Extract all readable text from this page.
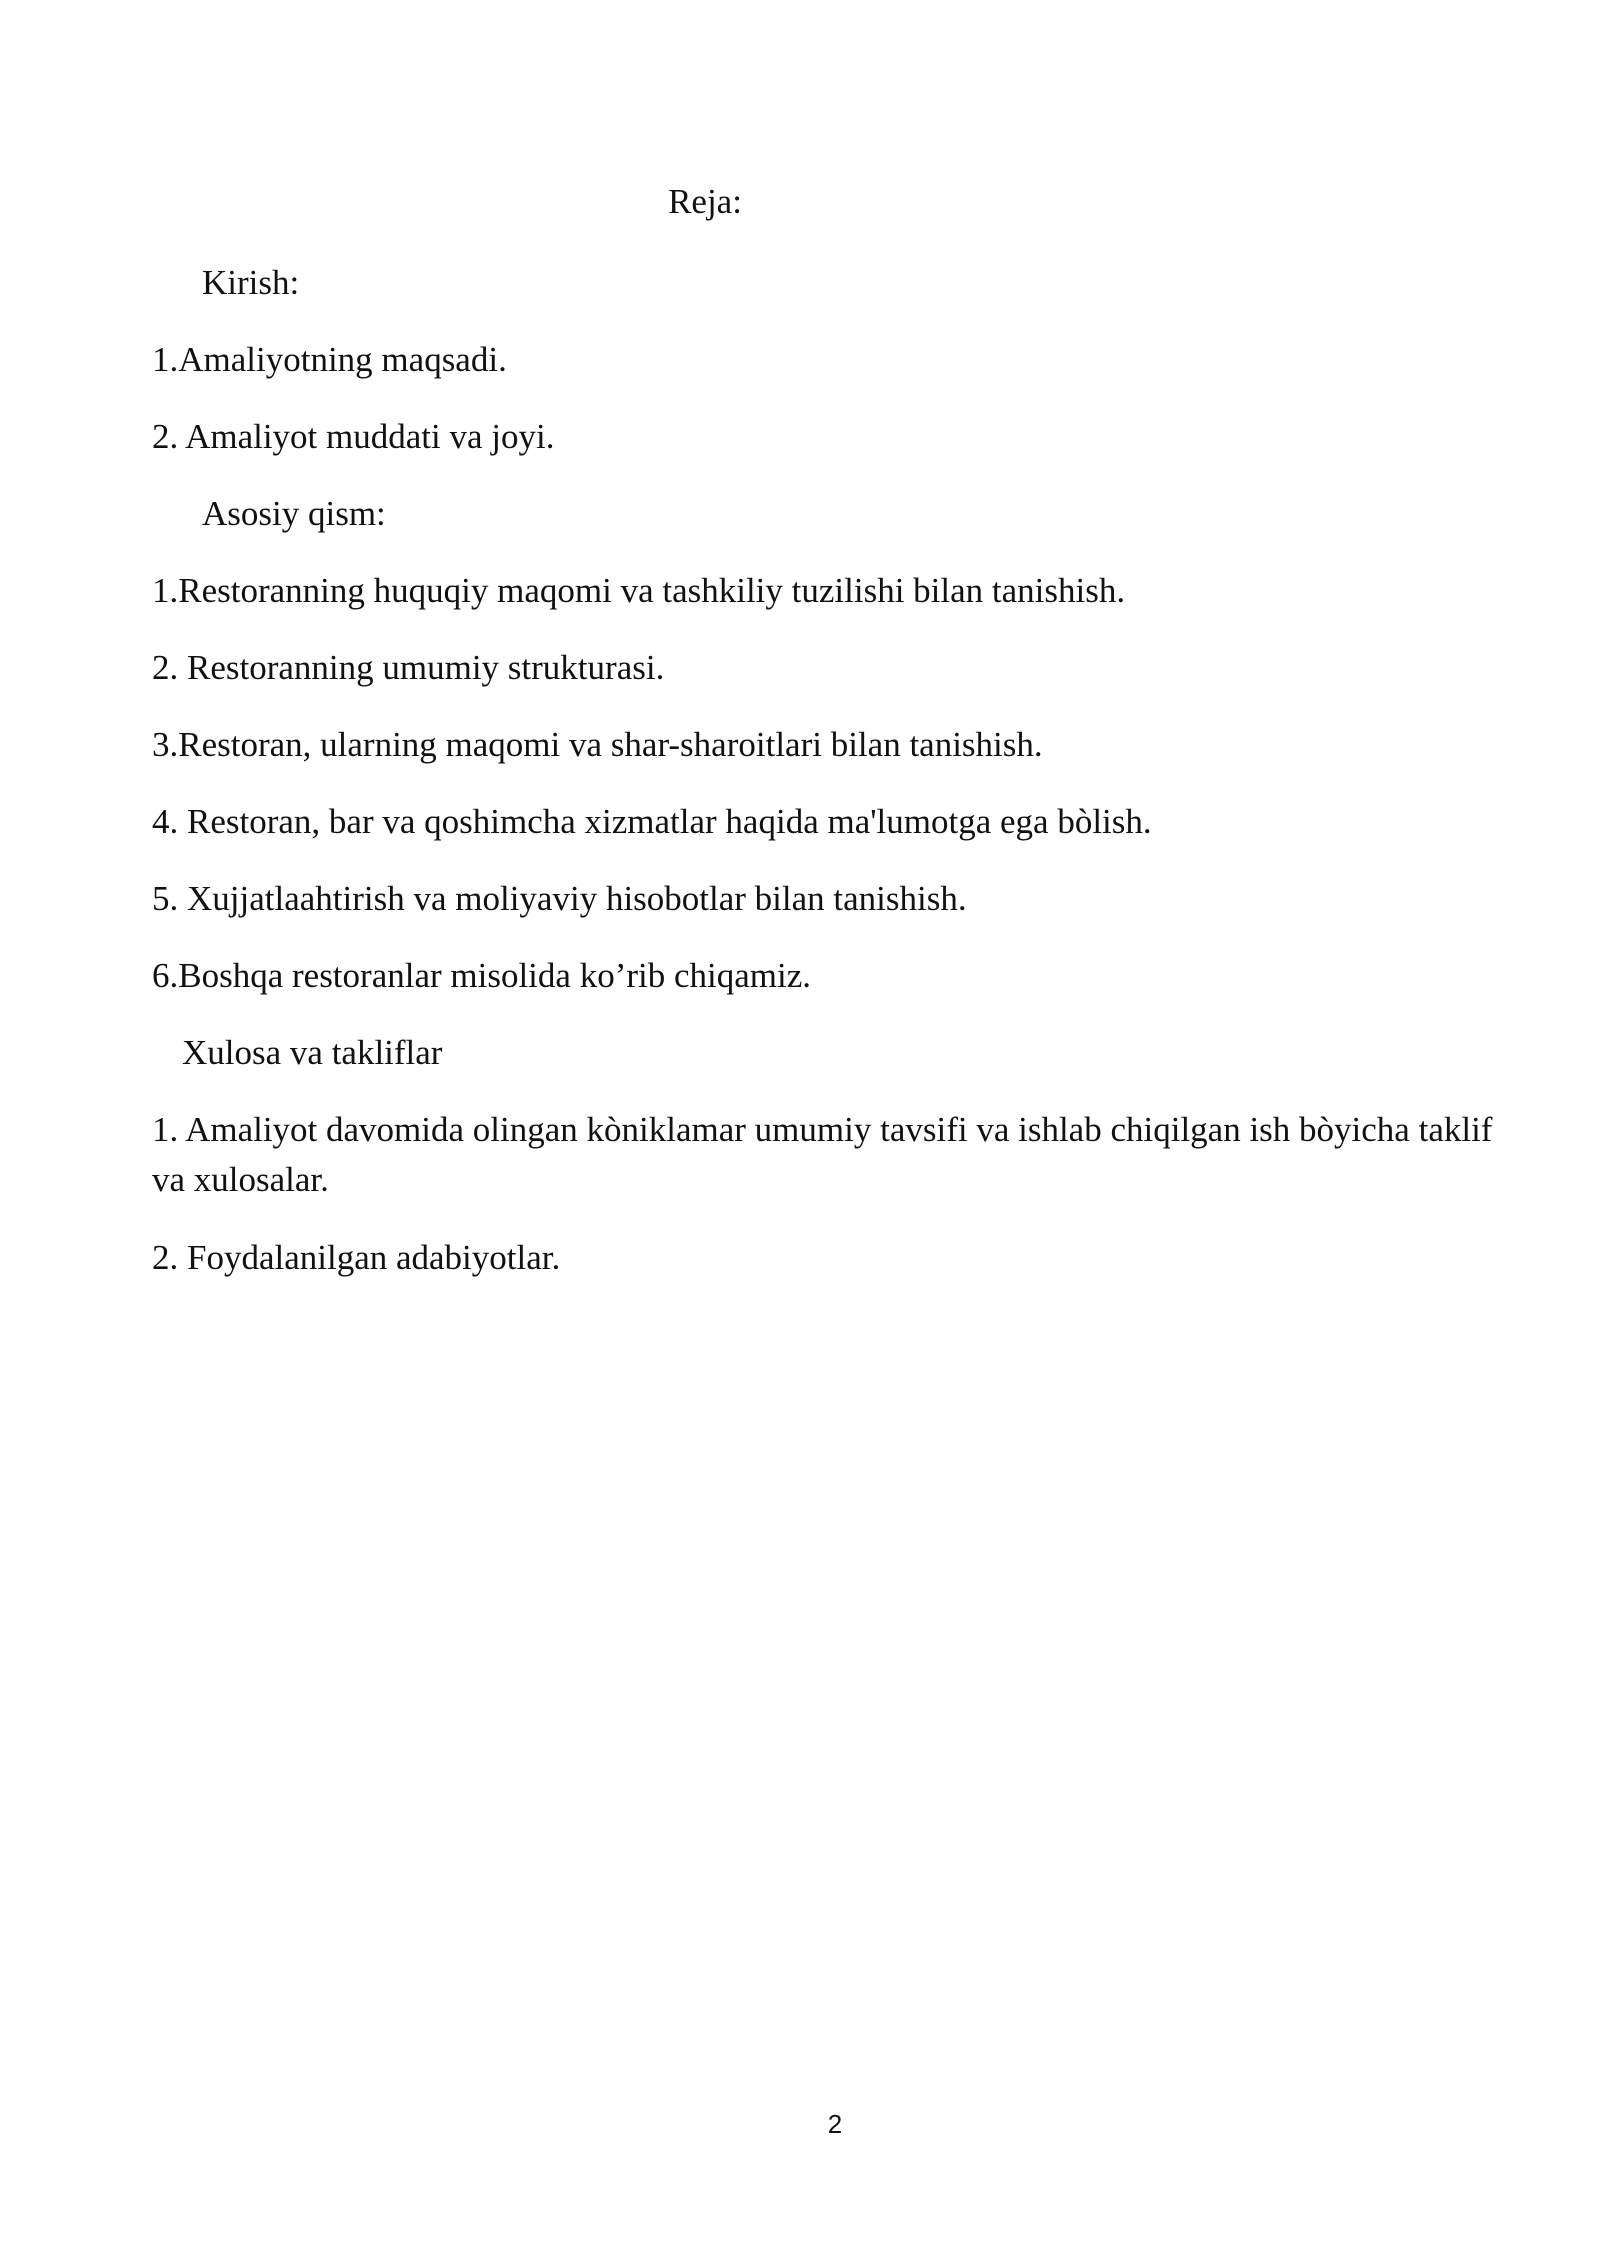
Reja:
Kirish:
1.Amaliyotning maqsadi.
2. Amaliyot muddati va joyi.
Asosiy qism:
1.Restoranning huquqiy maqomi va tashkiliy tuzilishi bilan tanishish.
2. Restoranning umumiy strukturasi.
3.Restoran, ularning maqomi va shar-sharoitlari bilan tanishish.
4. Restoran, bar va qoshimcha xizmatlar haqida ma'lumotga ega bòlish.
5. Xujjatlaahtirish va moliyaviy hisobotlar bilan tanishish.
6.Boshqa restoranlar misolida ko’rib chiqamiz.
Xulosa va takliflar
1. Amaliyot davomida olingan kòniklamar umumiy tavsifi va ishlab chiqilgan ish bòyicha taklif va xulosalar.
2. Foydalanilgan adabiyotlar.
2
